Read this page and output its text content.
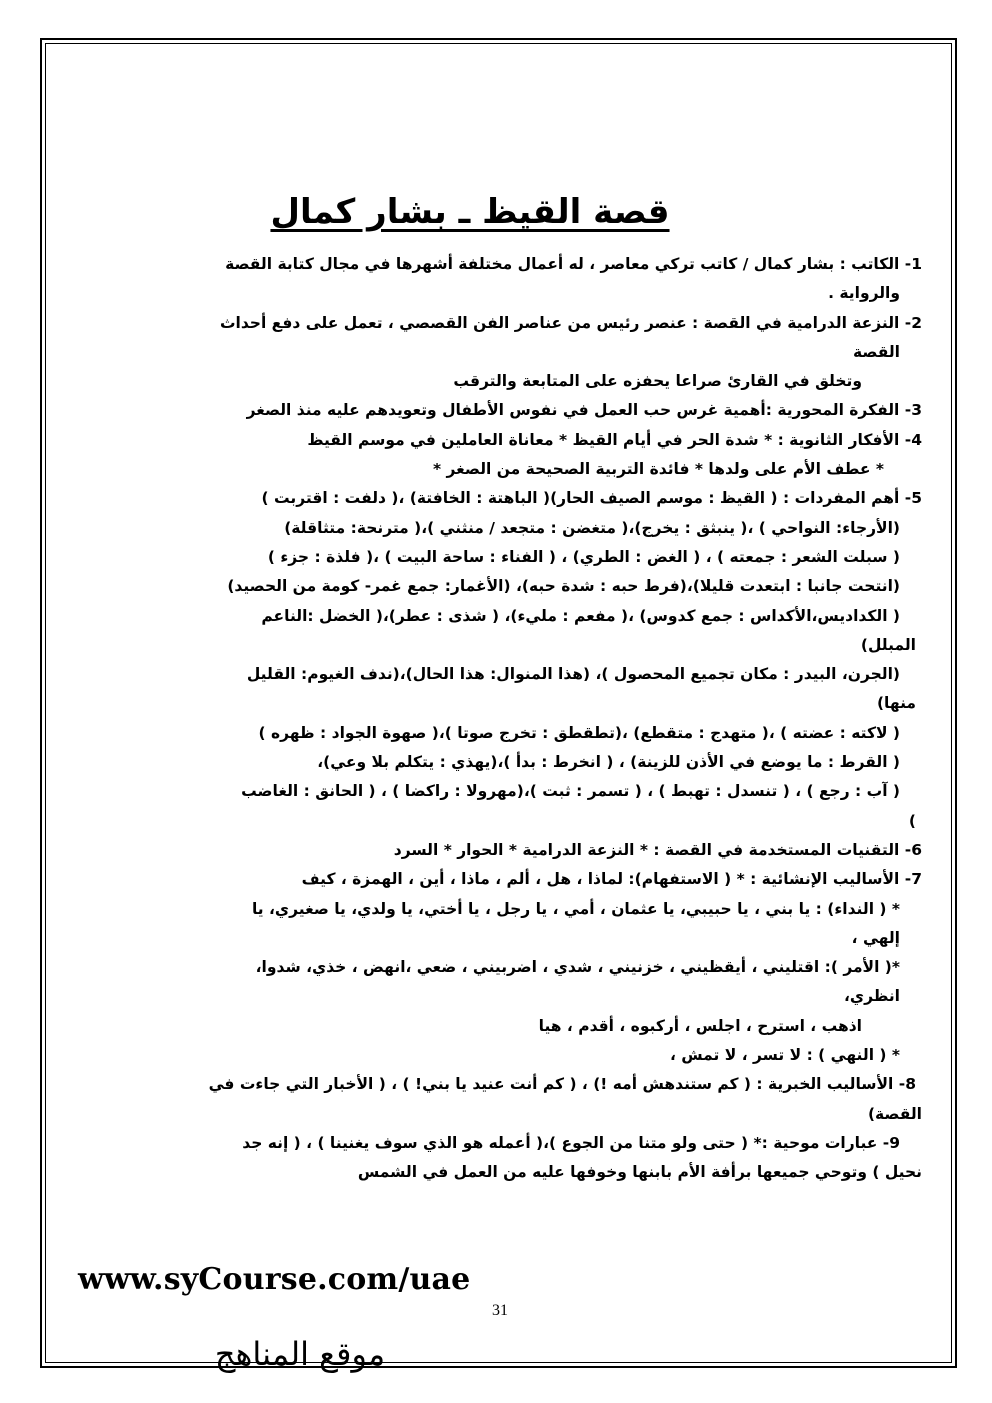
قصة القيظ ـ بشار كمال
1- الكاتب : بشار كمال / كاتب تركي معاصر ، له أعمال مختلفة أشهرها في مجال كتابة القصة
والرواية .
2- النزعة الدرامية في القصة : عنصر رئيس من عناصر الفن القصصي ، تعمل على دفع أحداث
القصة
وتخلق في القارئ صراعا يحفزه على المتابعة والترقب
3- الفكرة المحورية :أهمية غرس حب العمل في نفوس الأطفال وتعويدهم عليه منذ الصغر
4- الأفكار الثانوية : * شدة الحر في أيام القيظ * معاناة العاملين في موسم القيظ
* عطف الأم على ولدها * فائدة التربية الصحيحة من الصغر *
5- أهم المفردات : ( القيظ : موسم الصيف الحار)( الباهتة : الخافتة) ،( دلفت : اقتربت )
(الأرجاء: النواحي ) ،( ينبثق : يخرج)،( متغضن : متجعد / منثني )،( مترنحة: متثاقلة)
( سبلت الشعر : جمعته ) ، ( الغض : الطري) ، ( الفناء : ساحة البيت ) ،( فلذة : جزء )
(انتحت جانبا : ابتعدت قليلا)،(فرط حبه : شدة حبه)، (الأغمار: جمع غمر- كومة من الحصيد)
( الكداديس،الأكداس : جمع كدوس) ،( مفعم : مليء)، ( شذى : عطر)،( الخضل :الناعم
المبلل)
(الجرن، البيدر : مكان تجميع المحصول )، (هذا المنوال: هذا الحال)،(ندف الغيوم: القليل
منها)
( لاكته : عضته ) ،( متهدج : متقطع) ،(تطقطق : تخرج صوتا )،( صهوة الجواد : ظهره )
( القرط : ما يوضع في الأذن للزينة) ، ( انخرط : بدأ )،(يهذي : يتكلم بلا وعي)،
( آب : رجع ) ، ( تنسدل : تهبط ) ، ( تسمر : ثبت )،(مهرولا : راكضا ) ، ( الحانق : الغاضب
)
6- التقنيات المستخدمة في القصة : * النزعة الدرامية * الحوار * السرد
7- الأساليب الإنشائية : * ( الاستفهام): لماذا ، هل ، ألم ، ماذا ، أين ، الهمزة ، كيف
* ( النداء) : يا بني ، يا حبيبي، يا عثمان ، أمي ، يا رجل ، يا أختي، يا ولدي، يا صغيري، يا
إلهي ،
*( الأمر ): اقتليني ، أيقظيني ، خزنيني ، شدي ، اضربيني ، ضعي ،انهض ، خذي، شدوا،
انظري،
اذهب ، استرح ، اجلس ، أركبوه ، أقدم ، هيا
* ( النهي ) : لا تسر ، لا تمش ،
8- الأساليب الخبرية : ( كم ستندهش أمه !) ، ( كم أنت عنيد يا بني! ) ، ( الأخبار التي جاءت في
القصة)
9- عبارات موحية :* ( حتى ولو متنا من الجوع )،( أعمله هو الذي سوف يغنينا ) ، ( إنه جد
نحيل ) وتوحي جميعها برأفة الأم بابنها وخوفها عليه من العمل في الشمس
www.syCourse.com/uae
31
موقع المناهج
